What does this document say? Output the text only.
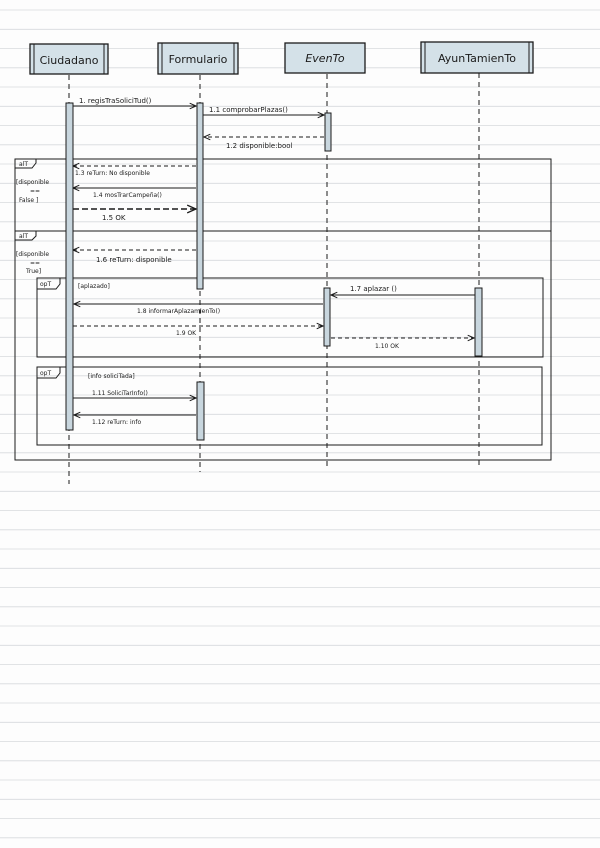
Ciudadano	Formulario	EvenTo	AyunTamienTo
alT
alT
opT
opT
[disponible
==
False ]
[disponible
==
True]
[aplazado]
[info soliciTada]
1. regisTraSoliciTud()
1.1 comprobarPlazas()
1.2 disponible:bool
1.3 reTurn: No disponible
1.4 mosTrarCampeña()
1.5 OK
1.6 reTurn: disponible
1.7 aplazar ()
1.8 informarAplazamienTo()
1.9 OK
1.10 OK
1.11 SoliciTarInfo()
1.12 reTurn: info
